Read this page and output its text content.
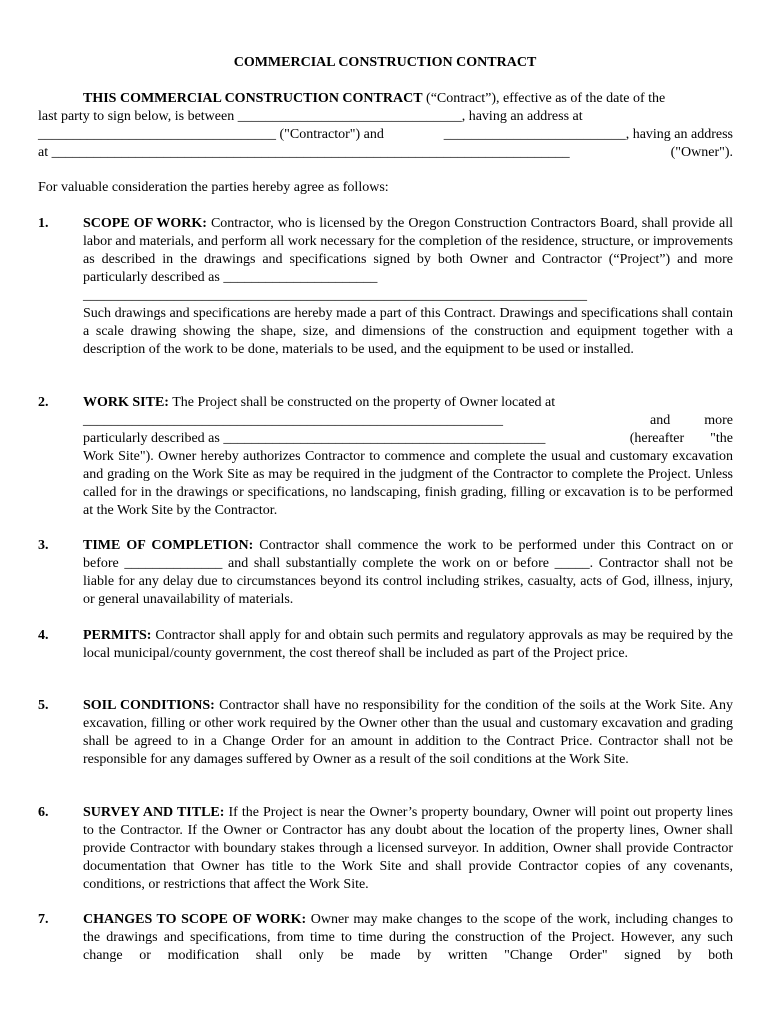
COMMERCIAL CONSTRUCTION CONTRACT
THIS COMMERCIAL CONSTRUCTION CONTRACT (“Contract”), effective as of the date of the
last party to sign below, is between ________________________________, having an address at
__________________________________ ("Contractor") and	__________________________, having an address
at __________________________________________________________________________	("Owner").
For valuable consideration the parties hereby agree as follows:
1. SCOPE OF WORK: Contractor, who is licensed by the Oregon Construction Contractors Board, shall provide all labor and materials, and perform all work necessary for the completion of the residence, structure, or improvements as described in the drawings and specifications signed by both Owner and Contractor (“Project”) and more particularly described as ______________________

________________________________________________________________________

Such drawings and specifications are hereby made a part of this Contract. Drawings and specifications shall contain a scale drawing showing the shape, size, and dimensions of the construction and equipment together with a description of the work to be done, materials to be used, and the equipment to be used or installed.

2. WORK SITE: The Project shall be constructed on the property of Owner located at

____________________________________________________________	and more
particularly described as ______________________________________________	(hereafter "the

Work Site"). Owner hereby authorizes Contractor to commence and complete the usual and customary excavation and grading on the Work Site as may be required in the judgment of the Contractor to complete the Project. Unless called for in the drawings or specifications, no landscaping, finish grading, filling or excavation is to be performed at the Work Site by the Contractor.

3. TIME OF COMPLETION: Contractor shall commence the work to be performed under this Contract on or before ______________ and shall substantially complete the work on or before _____. Contractor shall not be liable for any delay due to circumstances beyond its control including strikes, casualty, acts of God, illness, injury, or general unavailability of materials.

4. PERMITS: Contractor shall apply for and obtain such permits and regulatory approvals as may be required by the local municipal/county government, the cost thereof shall be included as part of the Project price.

5. SOIL CONDITIONS: Contractor shall have no responsibility for the condition of the soils at the Work Site. Any excavation, filling or other work required by the Owner other than the usual and customary excavation and grading shall be agreed to in a Change Order for an amount in addition to the Contract Price. Contractor shall not be responsible for any damages suffered by Owner as a result of the soil conditions at the Work Site.

6. SURVEY AND TITLE: If the Project is near the Owner’s property boundary, Owner will point out property lines to the Contractor. If the Owner or Contractor has any doubt about the location of the property lines, Owner shall provide Contractor with boundary stakes through a licensed surveyor. In addition, Owner shall provide Contractor documentation that Owner has title to the Work Site and shall provide Contractor copies of any covenants, conditions, or restrictions that affect the Work Site.

7. CHANGES TO SCOPE OF WORK: Owner may make changes to the scope of the work, including changes to the drawings and specifications, from time to time during the construction of the Project. However, any such change or modification shall only be made by written "Change Order" signed by both
